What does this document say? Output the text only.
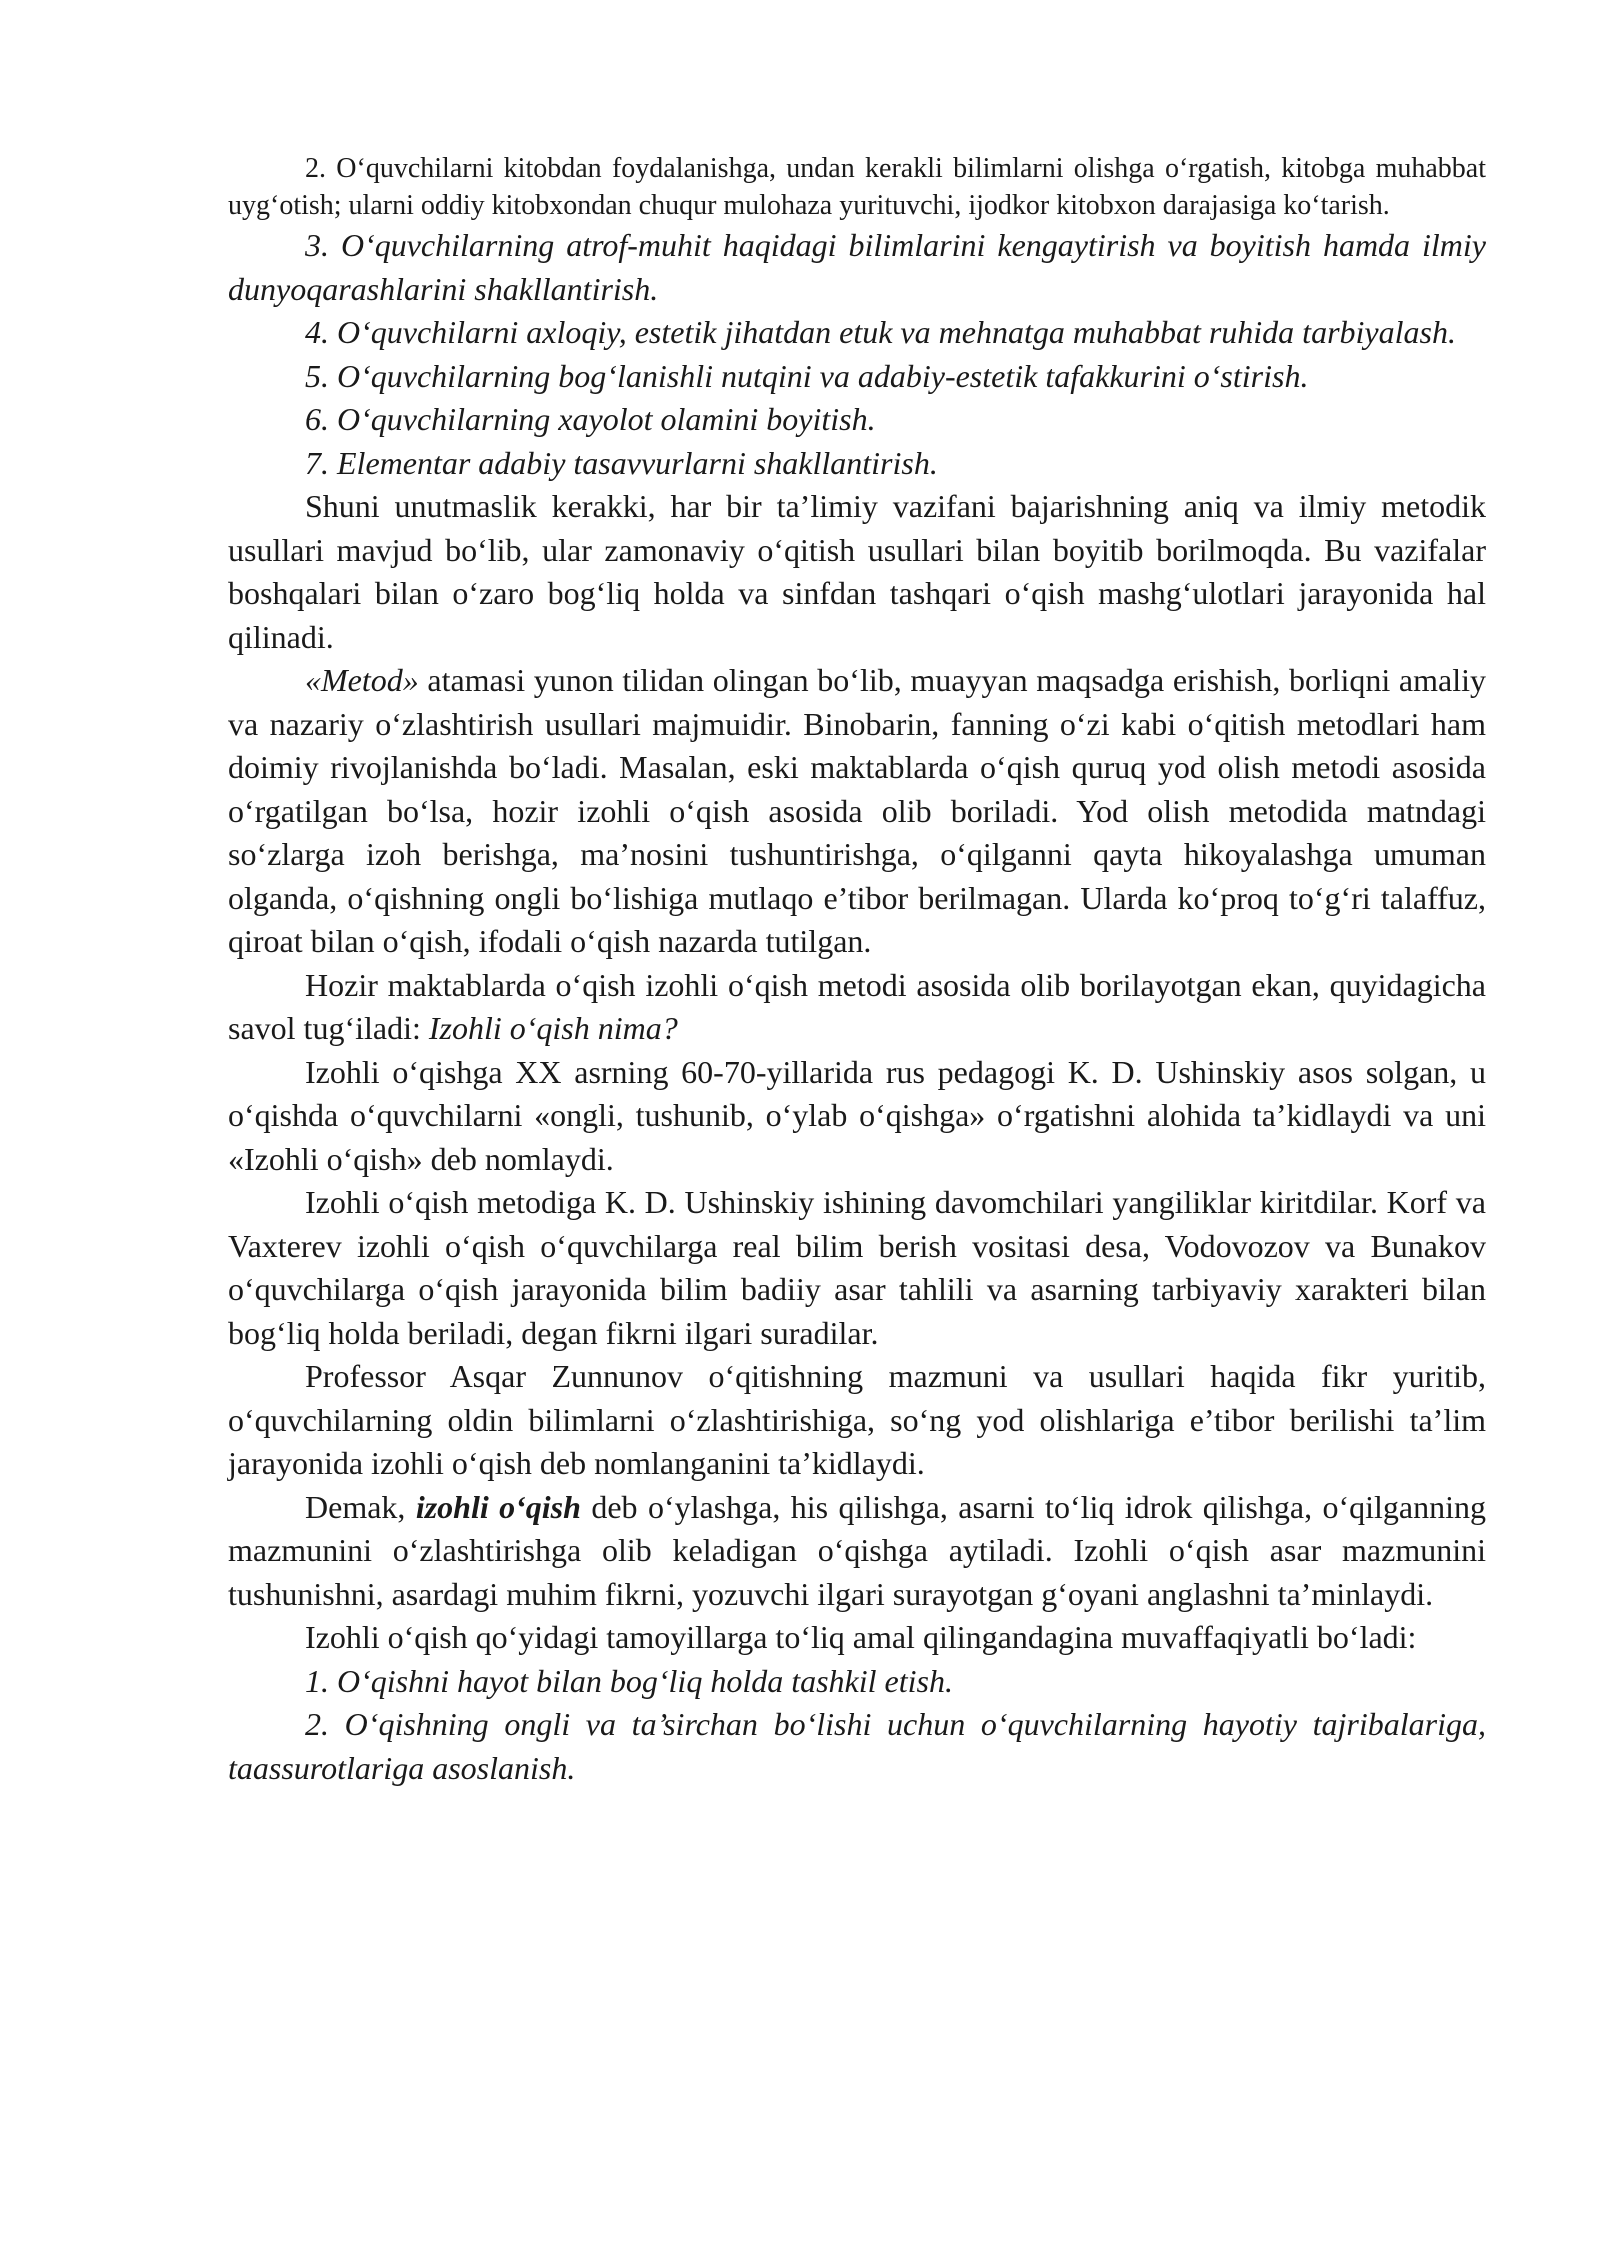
2. O‘quvchilarni kitobdan foydalanishga, undan kerakli bilimlarni olishga o‘rgatish, kitobga muhabbat uyg‘otish; ularni oddiy kitobxondan chuqur mulohaza yurituvchi, ijodkor kitobxon darajasiga ko‘tarish.

3. O‘quvchilarning atrof-muhit haqidagi bilimlarini kengaytirish va boyitish hamda ilmiy dunyoqarashlarini shakllantirish.

4. O‘quvchilarni axloqiy, estetik jihatdan etuk va mehnatga muhabbat ruhida tarbiyalash.

5. O‘quvchilarning bog‘lanishli nutqini va adabiy-estetik tafakkurini o‘stirish.

6. O‘quvchilarning xayolot olamini boyitish.

7. Elementar adabiy tasavvurlarni shakllantirish.

Shuni unutmaslik kerakki, har bir ta’limiy vazifani bajarishning aniq va ilmiy metodik usullari mavjud bo‘lib, ular zamonaviy o‘qitish usullari bilan boyitib borilmoqda. Bu vazifalar boshqalari bilan o‘zaro bog‘liq holda va sinfdan tashqari o‘qish mashg‘ulotlari jarayonida hal qilinadi.

«Metod» atamasi yunon tilidan olingan bo‘lib, muayyan maqsadga erishish, borliqni amaliy va nazariy o‘zlashtirish usullari majmuidir. Binobarin, fanning o‘zi kabi o‘qitish metodlari ham doimiy rivojlanishda bo‘ladi. Masalan, eski maktablarda o‘qish quruq yod olish metodi asosida o‘rgatilgan bo‘lsa, hozir izohli o‘qish asosida olib boriladi. Yod olish metodida matndagi so‘zlarga izoh berishga, ma’nosini tushuntirishga, o‘qilganni qayta hikoyalashga umuman olganda, o‘qishning ongli bo‘lishiga mutlaqo e’tibor berilmagan. Ularda ko‘proq to‘g‘ri talaffuz, qiroat bilan o‘qish, ifodali o‘qish nazarda tutilgan.

Hozir maktablarda o‘qish izohli o‘qish metodi asosida olib borilayotgan ekan, quyidagicha savol tug‘iladi: Izohli o‘qish nima?

Izohli o‘qishga XX asrning 60-70-yillarida rus pedagogi K. D. Ushinskiy asos solgan, u o‘qishda o‘quvchilarni «ongli, tushunib, o‘ylab o‘qishga» o‘rgatishni alohida ta’kidlaydi va uni «Izohli o‘qish» deb nomlaydi.

Izohli o‘qish metodiga K. D. Ushinskiy ishining davomchilari yangiliklar kiritdilar. Korf va Vaxterev izohli o‘qish o‘quvchilarga real bilim berish vositasi desa, Vodovozov va Bunakov o‘quvchilarga o‘qish jarayonida bilim badiiy asar tahlili va asarning tarbiyaviy xarakteri bilan bog‘liq holda beriladi, degan fikrni ilgari suradilar.

Professor Asqar Zunnunov o‘qitishning mazmuni va usullari haqida fikr yuritib, o‘quvchilarning oldin bilimlarni o‘zlashtirishiga, so‘ng yod olishlariga e’tibor berilishi ta’lim jarayonida izohli o‘qish deb nomlanganini ta’kidlaydi.

Demak, izohli o‘qish deb o‘ylashga, his qilishga, asarni to‘liq idrok qilishga, o‘qilganning mazmunini o‘zlashtirishga olib keladigan o‘qishga aytiladi. Izohli o‘qish asar mazmunini tushunishni, asardagi muhim fikrni, yozuvchi ilgari surayotgan g‘oyani anglashni ta’minlaydi.

Izohli o‘qish qo‘yidagi tamoyillarga to‘liq amal qilingandagina muvaffaqiyatli bo‘ladi:

1. O‘qishni hayot bilan bog‘liq holda tashkil etish.

2. O‘qishning ongli va ta’sirchan bo‘lishi uchun o‘quvchilarning hayotiy tajribalariga, taassurotlariga asoslanish.
